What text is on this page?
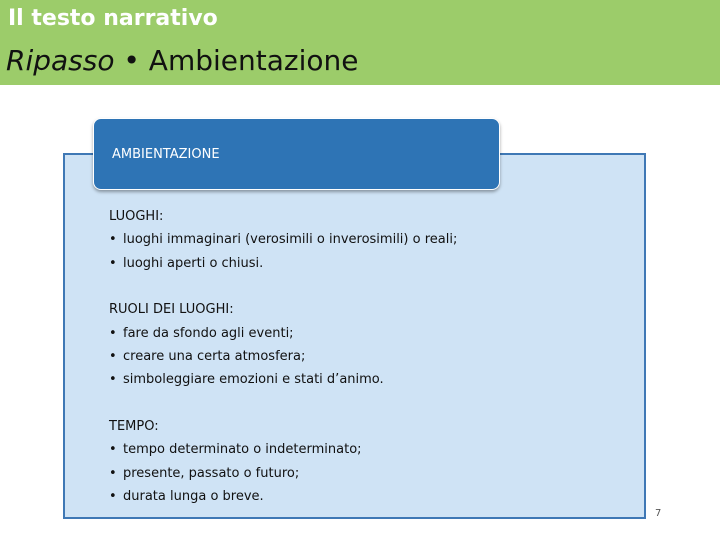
Il testo narrativo
Ripasso • Ambientazione
AMBIENTAZIONE
LUOGHI:
• luoghi immaginari (verosimili o inverosimili) o reali;
• luoghi aperti o chiusi.
RUOLI DEI LUOGHI:
• fare da sfondo agli eventi;
• creare una certa atmosfera;
• simboleggiare emozioni e stati d’animo.
TEMPO:
• tempo determinato o indeterminato;
• presente, passato o futuro;
• durata lunga o breve.
7
